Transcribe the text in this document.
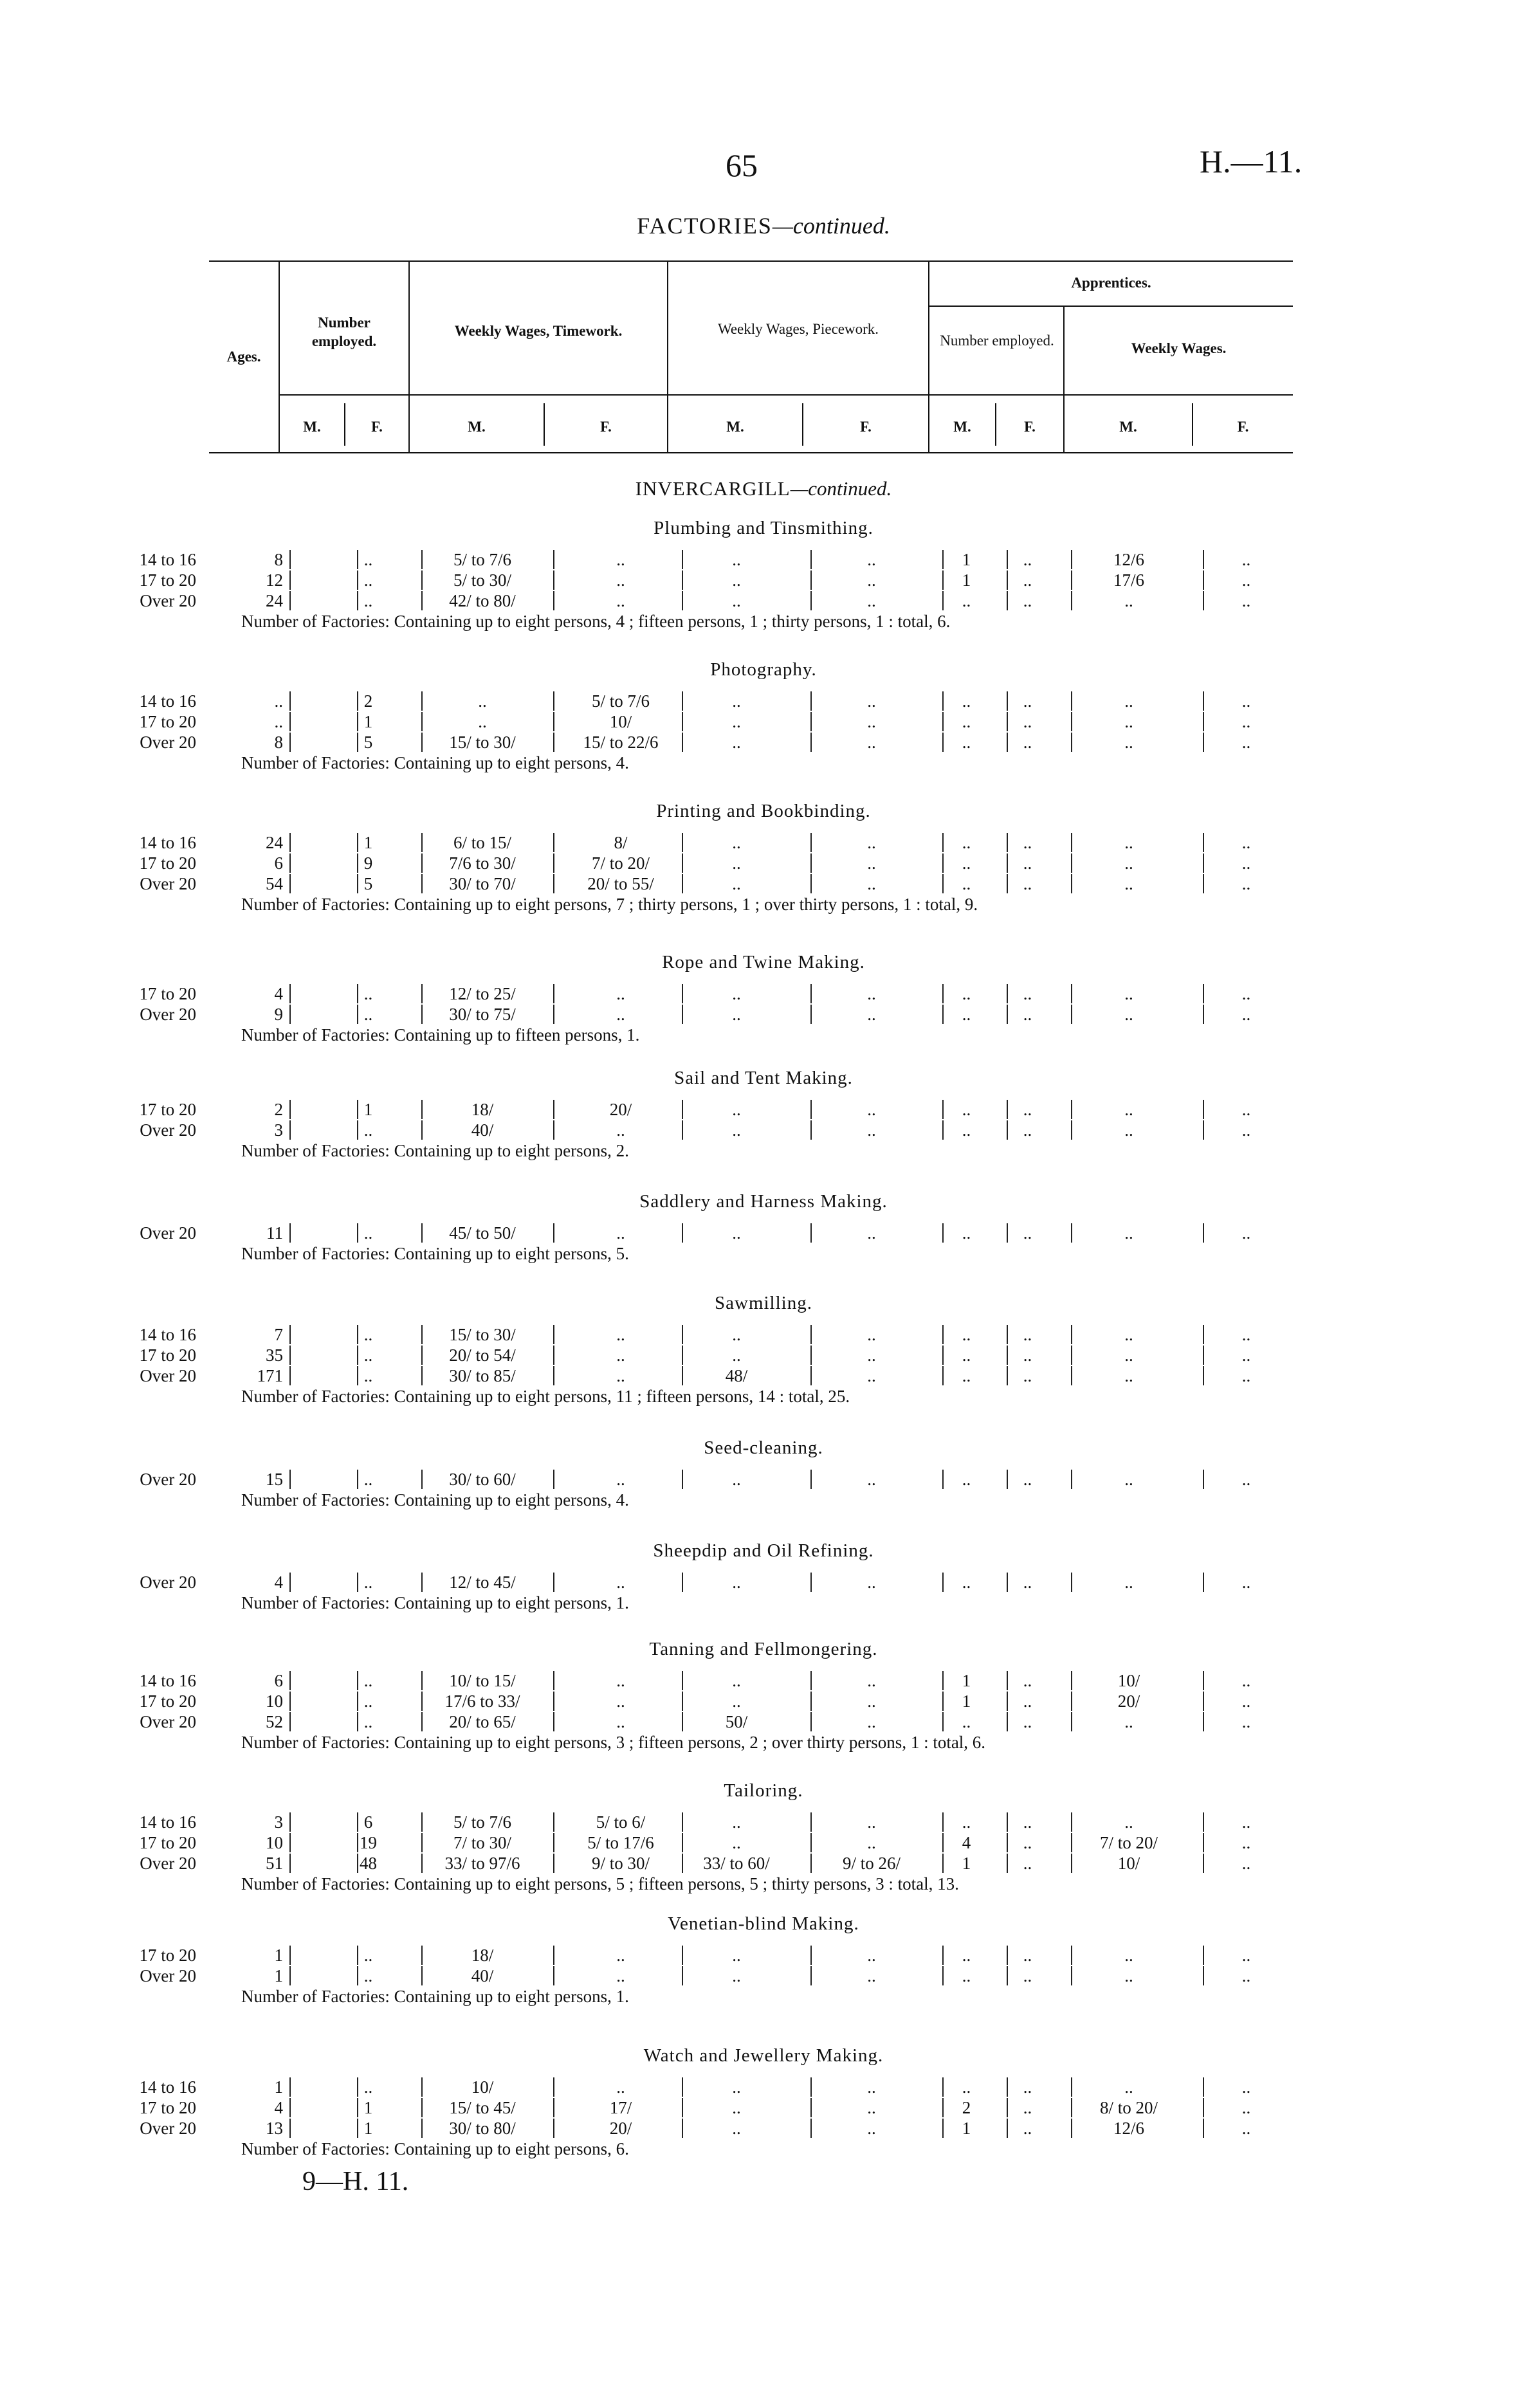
65	H.—11.
FACTORIES—continued.
Ages.
Number employed.
Weekly Wages, Timework.	Weekly Wages, Piecework.
Apprentices.
Number employed.	Weekly Wages.
M.	F.	M.	F.	M.	F.	M.	F.	M.	F.
INVERCARGILL—continued.
Plumbing and Tinsmithing.
14 to 16	8	..	5/ to 7/6	..	..	..	1	..	12/6	..
17 to 20	12	..	5/ to 30/	..	..	..	1	..	17/6	..
Over 20	24	..	42/ to 80/	..	..	..	..	..	..	..
Number of Factories: Containing up to eight persons, 4 ; fifteen persons, 1 ; thirty persons, 1 : total, 6.
Photography.
14 to 16	..	2	..	5/ to 7/6	..	..	..	..	..	..
17 to 20	..	1	..	10/	..	..	..	..	..	..
Over 20	8	5	15/ to 30/	15/ to 22/6	..	..	..	..	..	..
Number of Factories: Containing up to eight persons, 4.
Printing and Bookbinding.
14 to 16	24	1	6/ to 15/	8/	..	..	..	..	..	..
17 to 20	6	9	7/6 to 30/	7/ to 20/	..	..	..	..	..	..
Over 20	54	5	30/ to 70/	20/ to 55/	..	..	..	..	..	..
Number of Factories: Containing up to eight persons, 7 ; thirty persons, 1 ; over thirty persons, 1 : total, 9.
Rope and Twine Making.
17 to 20	4	..	12/ to 25/	..	..	..	..	..	..	..
Over 20	9	..	30/ to 75/	..	..	..	..	..	..	..
Number of Factories: Containing up to fifteen persons, 1.
Sail and Tent Making.
17 to 20	2	1	18/	20/	..	..	..	..	..	..
Over 20	3	..	40/	..	..	..	..	..	..	..
Number of Factories: Containing up to eight persons, 2.
Saddlery and Harness Making.
Over 20	11	..	45/ to 50/	..	..	..	..	..	..	..
Number of Factories: Containing up to eight persons, 5.
Sawmilling.
14 to 16	7	..	15/ to 30/	..	..	..	..	..	..	..
17 to 20	35	..	20/ to 54/	..	..	..	..	..	..	..
Over 20	171	..	30/ to 85/	..	48/	..	..	..	..	..
Number of Factories: Containing up to eight persons, 11 ; fifteen persons, 14 : total, 25.
Seed-cleaning.
Over 20	15	..	30/ to 60/	..	..	..	..	..	..	..
Number of Factories: Containing up to eight persons, 4.
Sheepdip and Oil Refining.
Over 20	4	..	12/ to 45/	..	..	..	..	..	..	..
Number of Factories: Containing up to eight persons, 1.
Tanning and Fellmongering.
14 to 16	6	..	10/ to 15/	..	..	..	1	..	10/	..
17 to 20	10	..	17/6 to 33/	..	..	..	1	..	20/	..
Over 20	52	..	20/ to 65/	..	50/	..	..	..	..	..
Number of Factories: Containing up to eight persons, 3 ; fifteen persons, 2 ; over thirty persons, 1 : total, 6.
Tailoring.
14 to 16	3	6	5/ to 7/6	5/ to 6/	..	..	..	..	..	..
17 to 20	10	19	7/ to 30/	5/ to 17/6	..	..	4	..	7/ to 20/	..
Over 20	51	48	33/ to 97/6	9/ to 30/	33/ to 60/	9/ to 26/	1	..	10/	..
Number of Factories: Containing up to eight persons, 5 ; fifteen persons, 5 ; thirty persons, 3 : total, 13.
Venetian-blind Making.
17 to 20	1	..	18/	..	..	..	..	..	..	..
Over 20	1	..	40/	..	..	..	..	..	..	..
Number of Factories: Containing up to eight persons, 1.
Watch and Jewellery Making.
14 to 16	1	..	10/	..	..	..	..	..	..	..
17 to 20	4	1	15/ to 45/	17/	..	..	2	..	8/ to 20/	..
Over 20	13	1	30/ to 80/	20/	..	..	1	..	12/6	..
Number of Factories: Containing up to eight persons, 6.
9—H. 11.
